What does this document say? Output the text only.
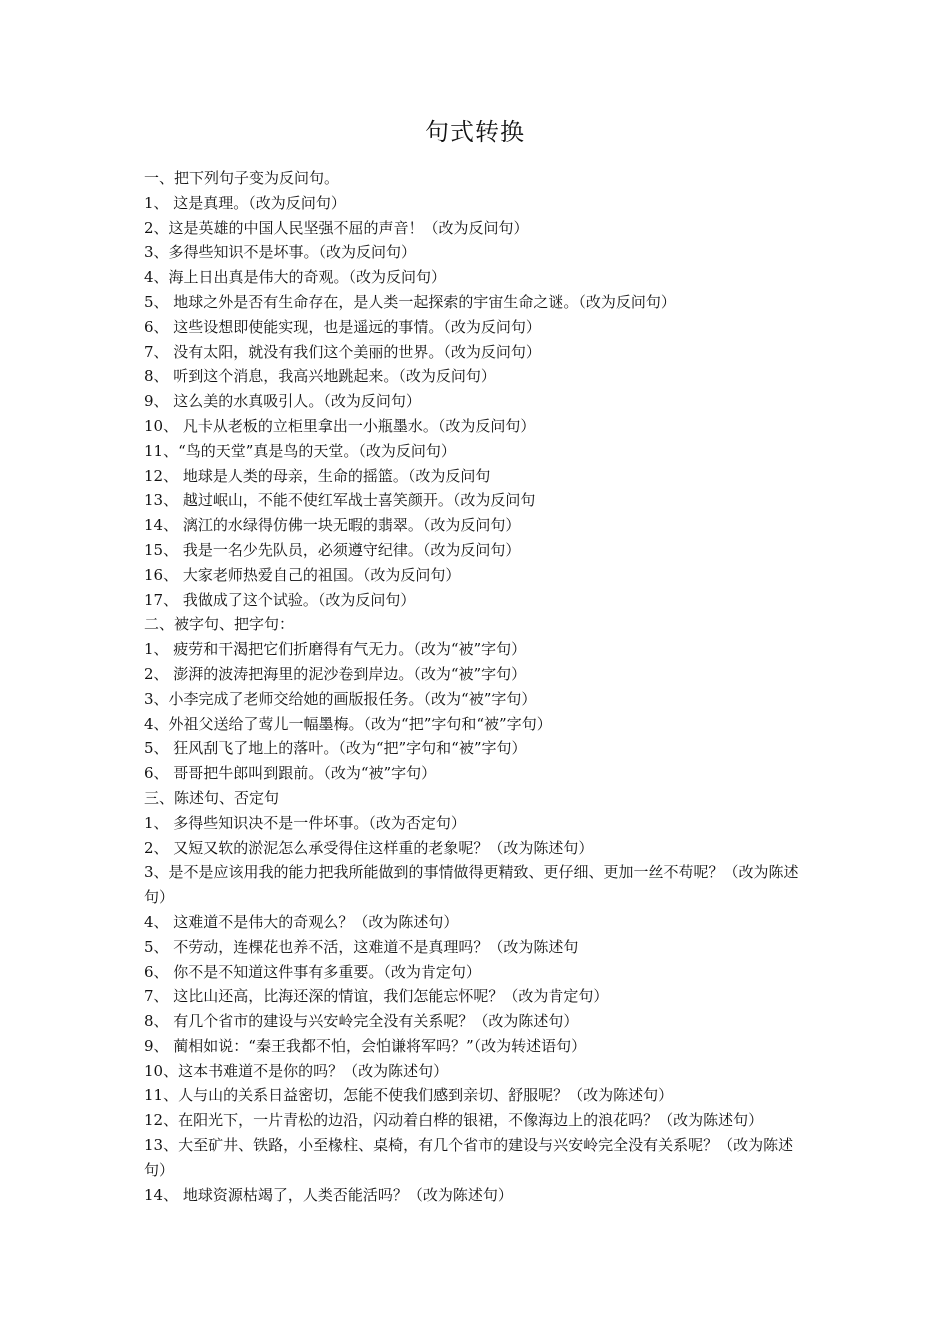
句式转换
一、把下列句子变为反问句。
1、 这是真理。（改为反问句）
2、这是英雄的中国人民坚强不屈的声音！（改为反问句）
3、多得些知识不是坏事。（改为反问句）
4、海上日出真是伟大的奇观。（改为反问句）
5、 地球之外是否有生命存在，是人类一起探索的宇宙生命之谜。（改为反问句）
6、 这些设想即使能实现，也是遥远的事情。（改为反问句）
7、 没有太阳，就没有我们这个美丽的世界。（改为反问句）
8、 听到这个消息，我高兴地跳起来。（改为反问句）
9、 这么美的水真吸引人。（改为反问句）
10、 凡卡从老板的立柜里拿出一小瓶墨水。（改为反问句）
11、“鸟的天堂”真是鸟的天堂。（改为反问句）
12、 地球是人类的母亲，生命的摇篮。（改为反问句
13、 越过岷山，不能不使红军战士喜笑颜开。（改为反问句
14、 漓江的水绿得仿佛一块无暇的翡翠。（改为反问句）
15、 我是一名少先队员，必须遵守纪律。（改为反问句）
16、 大家老师热爱自己的祖国。（改为反问句）
17、 我做成了这个试验。（改为反问句）
二、被字句、把字句：
1、 疲劳和干渴把它们折磨得有气无力。（改为“被”字句）
2、 澎湃的波涛把海里的泥沙卷到岸边。（改为“被”字句）
3、小李完成了老师交给她的画版报任务。（改为“被”字句）
4、外祖父送给了莺儿一幅墨梅。（改为“把”字句和“被”字句）
5、 狂风刮飞了地上的落叶。（改为“把”字句和“被”字句）
6、 哥哥把牛郎叫到跟前。（改为“被”字句）
三、陈述句、否定句
1、 多得些知识决不是一件坏事。（改为否定句）
2、 又短又软的淤泥怎么承受得住这样重的老象呢？（改为陈述句）
3、是不是应该用我的能力把我所能做到的事情做得更精致、更仔细、更加一丝不苟呢？（改为陈述句）
4、 这难道不是伟大的奇观么？（改为陈述句）
5、 不劳动，连棵花也养不活，这难道不是真理吗？（改为陈述句
6、 你不是不知道这件事有多重要。（改为肯定句）
7、 这比山还高，比海还深的情谊，我们怎能忘怀呢？（改为肯定句）
8、 有几个省市的建设与兴安岭完全没有关系呢？（改为陈述句）
9、 蔺相如说：“秦王我都不怕，会怕谦将军吗？”（改为转述语句）
10、这本书难道不是你的吗？（改为陈述句）
11、人与山的关系日益密切，怎能不使我们感到亲切、舒服呢？（改为陈述句）
12、在阳光下，一片青松的边沿，闪动着白桦的银裙，不像海边上的浪花吗？（改为陈述句）
13、大至矿井、铁路，小至椽柱、桌椅，有几个省市的建设与兴安岭完全没有关系呢？（改为陈述句）
14、 地球资源枯竭了，人类否能活吗？（改为陈述句）
